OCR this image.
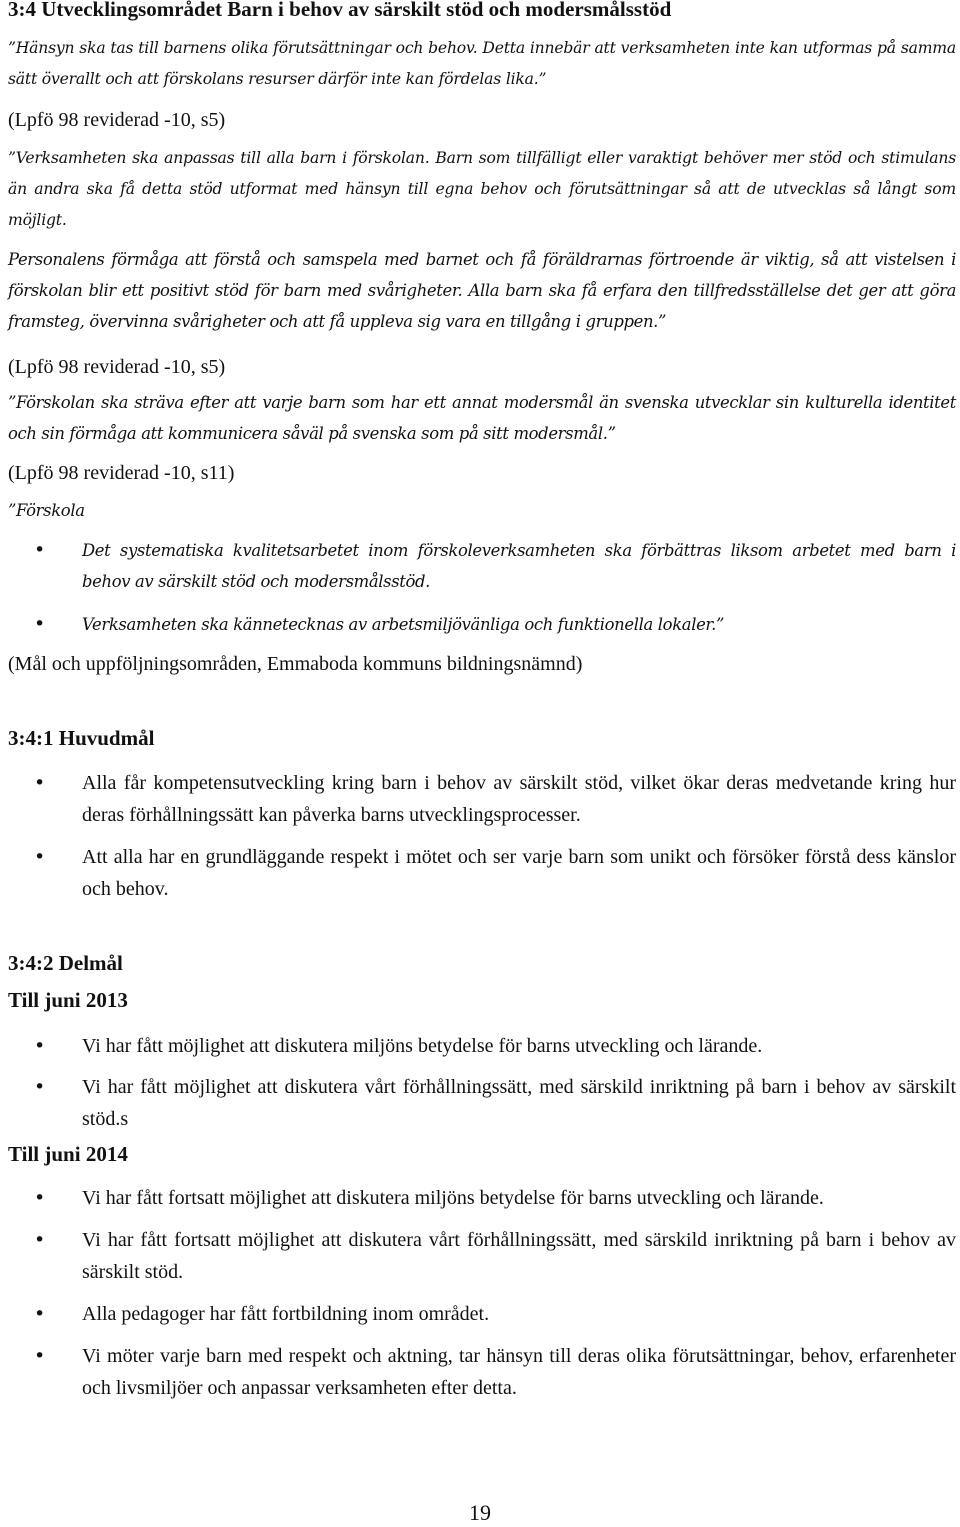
3:4 Utvecklingsområdet Barn i behov av särskilt stöd och modersmålsstöd

”Hänsyn ska tas till barnens olika förutsättningar och behov. Detta innebär att verksamheten inte kan utformas på samma sätt överallt och att förskolans resurser därför inte kan fördelas lika.”

(Lpfö 98 reviderad -10, s5)

”Verksamheten ska anpassas till alla barn i förskolan. Barn som tillfälligt eller varaktigt behöver mer stöd och stimulans än andra ska få detta stöd utformat med hänsyn till egna behov och förutsättningar så att de utvecklas så långt som möjligt.

Personalens förmåga att förstå och samspela med barnet och få föräldrarnas förtroende är viktig, så att vistelsen i förskolan blir ett positivt stöd för barn med svårigheter. Alla barn ska få erfara den tillfredsställelse det ger att göra framsteg, övervinna svårigheter och att få uppleva sig vara en tillgång i gruppen.”

(Lpfö 98 reviderad -10, s5)

”Förskolan ska sträva efter att varje barn som har ett annat modersmål än svenska utvecklar sin kulturella identitet och sin förmåga att kommunicera såväl på svenska som på sitt modersmål.”

(Lpfö 98 reviderad -10, s11)

”Förskola

• Det systematiska kvalitetsarbetet inom förskoleverksamheten ska förbättras liksom arbetet med barn i behov av särskilt stöd och modersmålsstöd.
• Verksamheten ska kännetecknas av arbetsmiljövänliga och funktionella lokaler.”

(Mål och uppföljningsområden, Emmaboda kommuns bildningsnämnd)

3:4:1 Huvudmål
• Alla får kompetensutveckling kring barn i behov av särskilt stöd, vilket ökar deras medvetande kring hur deras förhållningssätt kan påverka barns utvecklingsprocesser.
• Att alla har en grundläggande respekt i mötet och ser varje barn som unikt och försöker förstå dess känslor och behov.
3:4:2 Delmål
Till juni 2013
• Vi har fått möjlighet att diskutera miljöns betydelse för barns utveckling och lärande.
• Vi har fått möjlighet att diskutera vårt förhållningssätt, med särskild inriktning på barn i behov av särskilt stöd.s
Till juni 2014
• Vi har fått fortsatt möjlighet att diskutera miljöns betydelse för barns utveckling och lärande.
• Vi har fått fortsatt möjlighet att diskutera vårt förhållningssätt, med särskild inriktning på barn i behov av särskilt stöd.
• Alla pedagoger har fått fortbildning inom området.
• Vi möter varje barn med respekt och aktning, tar hänsyn till deras olika förutsättningar, behov, erfarenheter och livsmiljöer och anpassar verksamheten efter detta.
19
